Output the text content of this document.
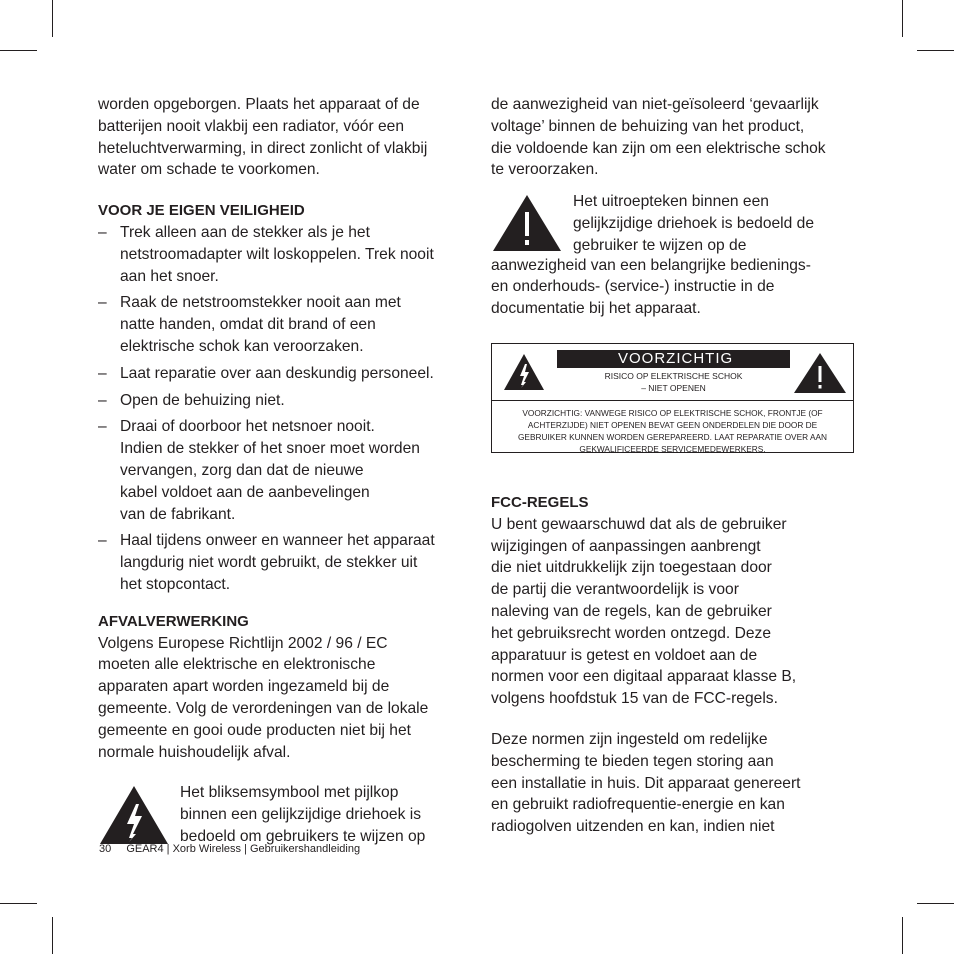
worden opgeborgen. Plaats het apparaat of de
batterijen nooit vlakbij een radiator, vóór een
heteluchtverwarming, in direct zonlicht of vlakbij
water om schade te voorkomen.

VOOR JE EIGEN VEILIGHEID
– Trek alleen aan de stekker als je het
netstroomadapter wilt loskoppelen. Trek nooit
aan het snoer.
– Raak de netstroomstekker nooit aan met
natte handen, omdat dit brand of een
elektrische schok kan veroorzaken.
– Laat reparatie over aan deskundig personeel.
– Open de behuizing niet.
– Draai of doorboor het netsnoer nooit.
Indien de stekker of het snoer moet worden
vervangen, zorg dan dat de nieuwe
kabel voldoet aan de aanbevelingen
van de fabrikant.
– Haal tijdens onweer en wanneer het apparaat
langdurig niet wordt gebruikt, de stekker uit
het stopcontact.
AFVALVERWERKING

Volgens Europese Richtlijn 2002 / 96 / EC
moeten alle elektrische en elektronische
apparaten apart worden ingezameld bij de
gemeente. Volg de verordeningen van de lokale
gemeente en gooi oude producten niet bij het
normale huishoudelijk afval.

Het bliksemsymbool met pijlkop
binnen een gelijkzijdige driehoek is
bedoeld om gebruikers te wijzen op

de aanwezigheid van niet-geïsoleerd ‘gevaarlijk
voltage’ binnen de behuizing van het product,
die voldoende kan zijn om een elektrische schok
te veroorzaken.

Het uitroepteken binnen een
gelijkzijdige driehoek is bedoeld de
gebruiker te wijzen op de

aanwezigheid van een belangrijke bedienings-
en onderhouds- (service-) instructie in de
documentatie bij het apparaat.

FCC-REGELS

U bent gewaarschuwd dat als de gebruiker
wijzigingen of aanpassingen aanbrengt
die niet uitdrukkelijk zijn toegestaan door
de partij die verantwoordelijk is voor
naleving van de regels, kan de gebruiker
het gebruiksrecht worden ontzegd. Deze
apparatuur is getest en voldoet aan de
normen voor een digitaal apparaat klasse B,
volgens hoofdstuk 15 van de FCC-regels.

Deze normen zijn ingesteld om redelijke
bescherming te bieden tegen storing aan
een installatie in huis. Dit apparaat genereert
en gebruikt radiofrequentie-energie en kan
radiogolven uitzenden en kan, indien niet

VOORZICHTIG
RISICO OP ELEKTRISCHE SCHOK
– NIET OPENEN
VOORZICHTIG: VANWEGE RISICO OP ELEKTRISCHE SCHOK, FRONTJE (OF
ACHTERZIJDE) NIET OPENEN BEVAT GEEN ONDERDELEN DIE DOOR DE
GEBRUIKER KUNNEN WORDEN GEREPAREERD. LAAT REPARATIE OVER AAN
GEKWALIFICEERDE SERVICEMEDEWERKERS.
30 GEAR4 | Xorb Wireless | Gebruikershandleiding
